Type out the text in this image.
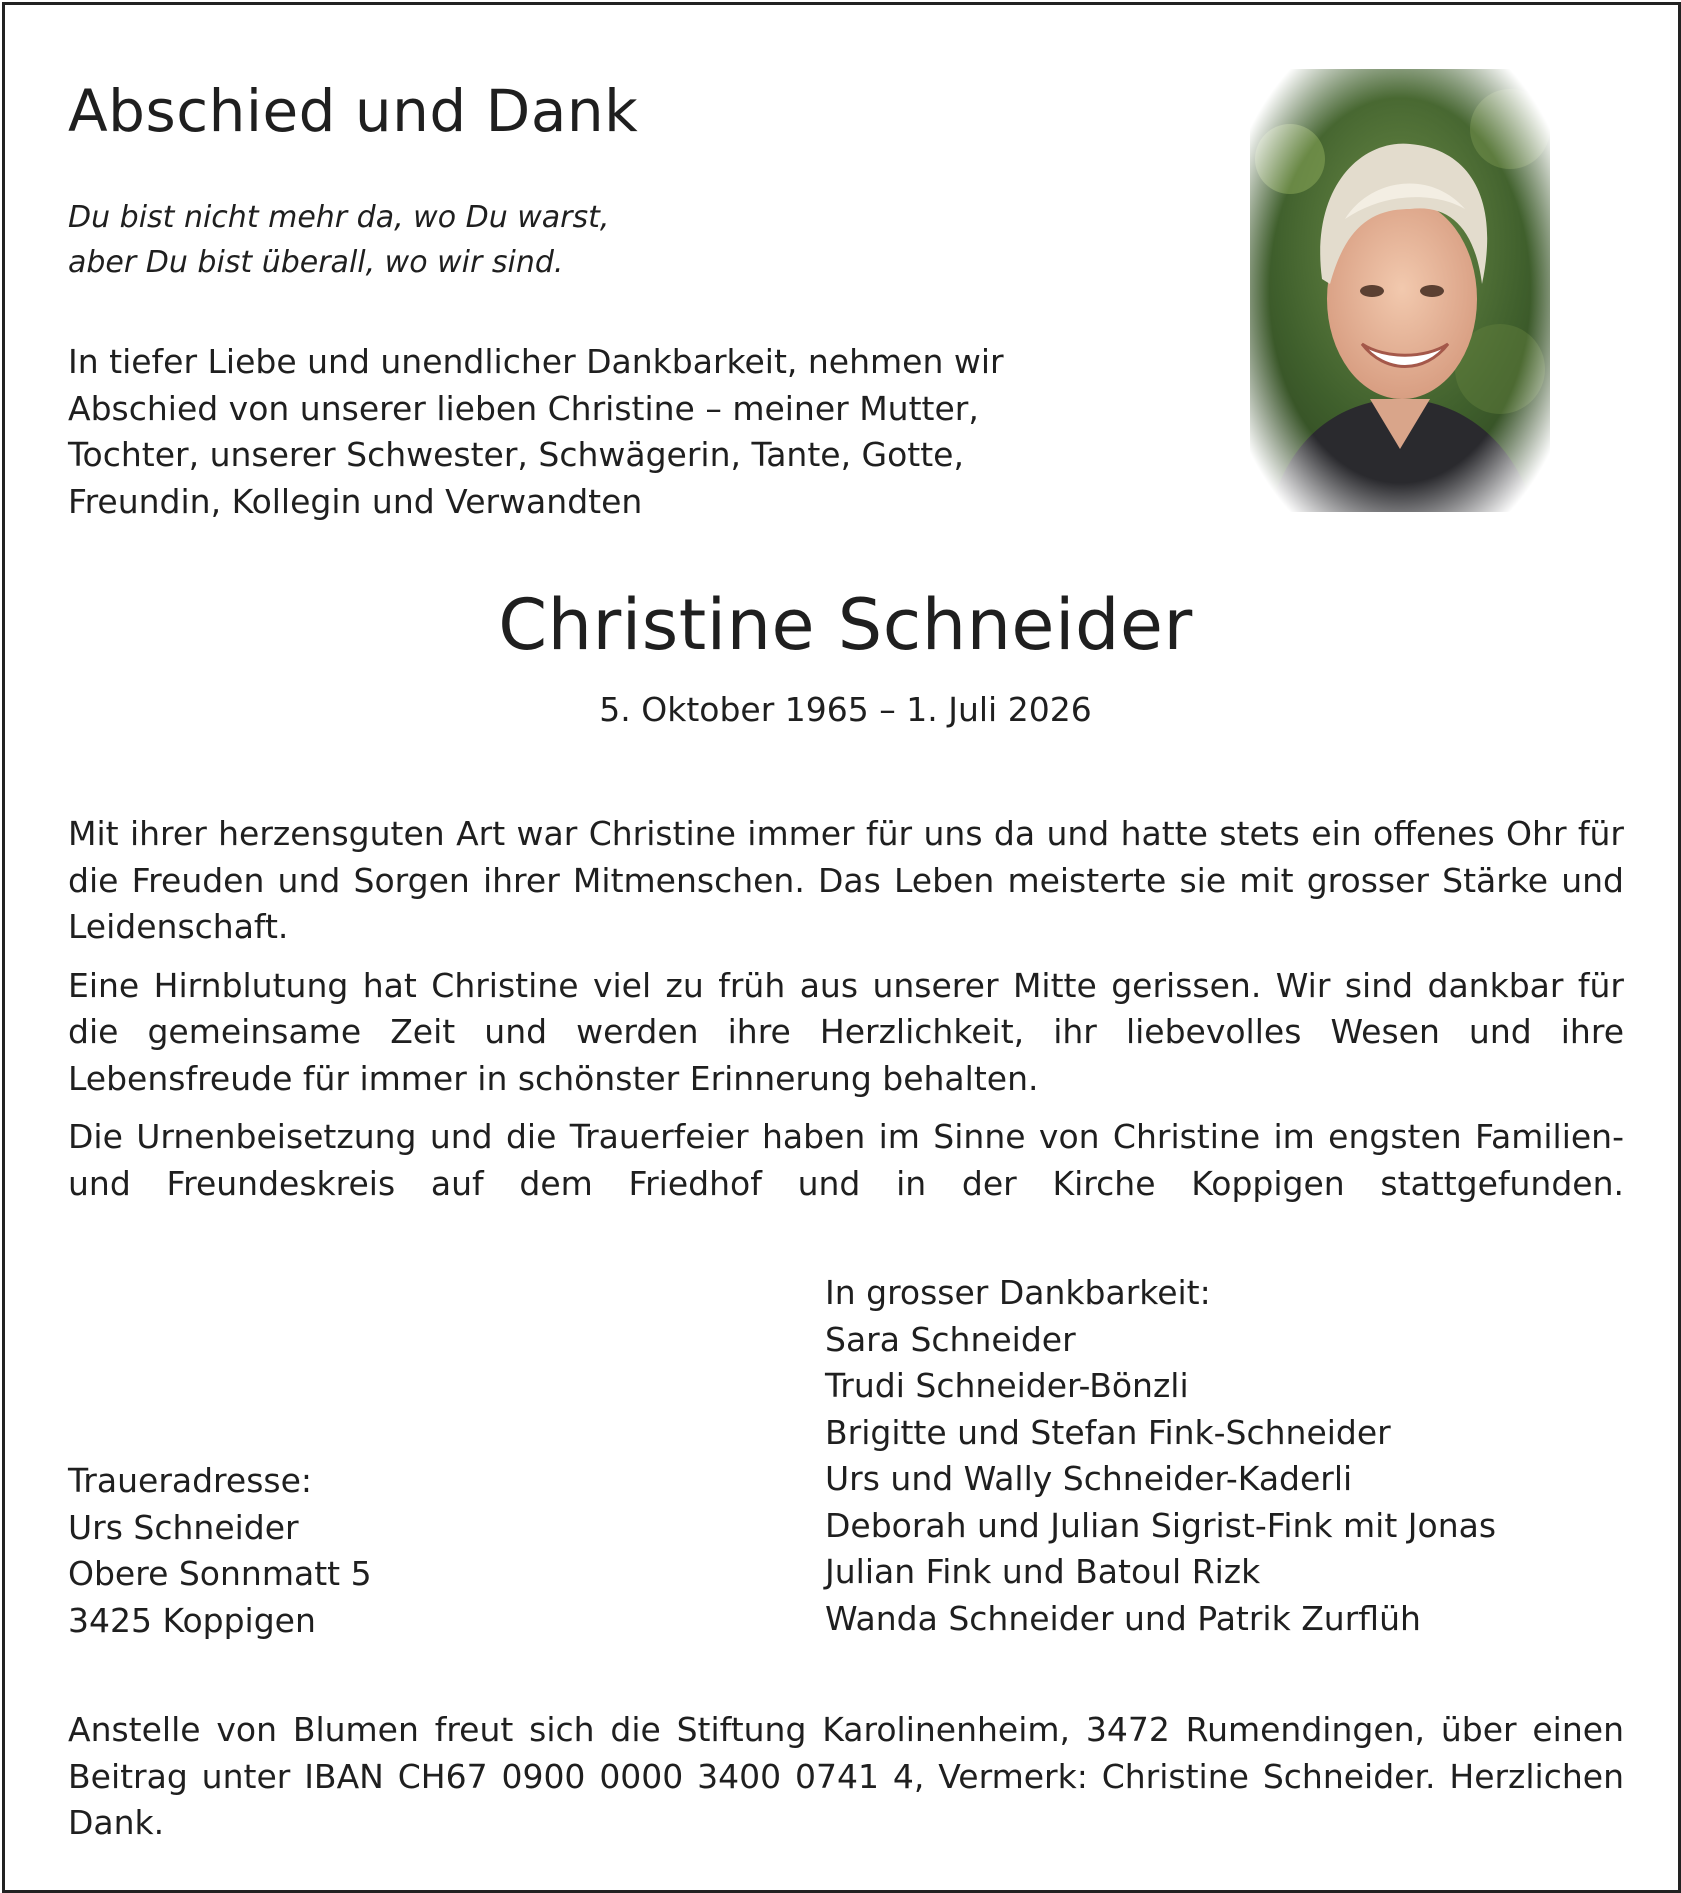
Abschied und Dank
Du bist nicht mehr da, wo Du warst,
aber Du bist überall, wo wir sind.
In tiefer Liebe und unendlicher Dankbarkeit, nehmen wir
Abschied von unserer lieben Christine – meiner Mutter,
Tochter, unserer Schwester, Schwägerin, Tante, Gotte,
Freundin, Kollegin und Verwandten
Christine Schneider
5. Oktober 1965 – 1. Juli 2026

Mit ihrer herzensguten Art war Christine immer für uns da und hatte stets ein offenes Ohr für die Freuden und Sorgen ihrer Mitmenschen. Das Leben meisterte sie mit grosser Stärke und Leidenschaft.

Eine Hirnblutung hat Christine viel zu früh aus unserer Mitte gerissen. Wir sind dankbar für die gemeinsame Zeit und werden ihre Herzlichkeit, ihr liebevolles Wesen und ihre Lebensfreude für immer in schönster Erinnerung behalten.

Die Urnenbeisetzung und die Trauerfeier haben im Sinne von Christine im engsten Familien- und Freundeskreis auf dem Friedhof und in der Kirche Koppigen stattgefunden.

In grosser Dankbarkeit:
Sara Schneider
Trudi Schneider-Bönzli
Brigitte und Stefan Fink-Schneider
Urs und Wally Schneider-Kaderli
Deborah und Julian Sigrist-Fink mit Jonas
Julian Fink und Batoul Rizk
Wanda Schneider und Patrik Zurflüh
Traueradresse:
Urs Schneider
Obere Sonnmatt 5
3425 Koppigen
Anstelle von Blumen freut sich die Stiftung Karolinenheim, 3472 Rumendingen, über einen Beitrag unter IBAN CH67 0900 0000 3400 0741 4, Vermerk: Christine Schneider. Herzlichen Dank.
